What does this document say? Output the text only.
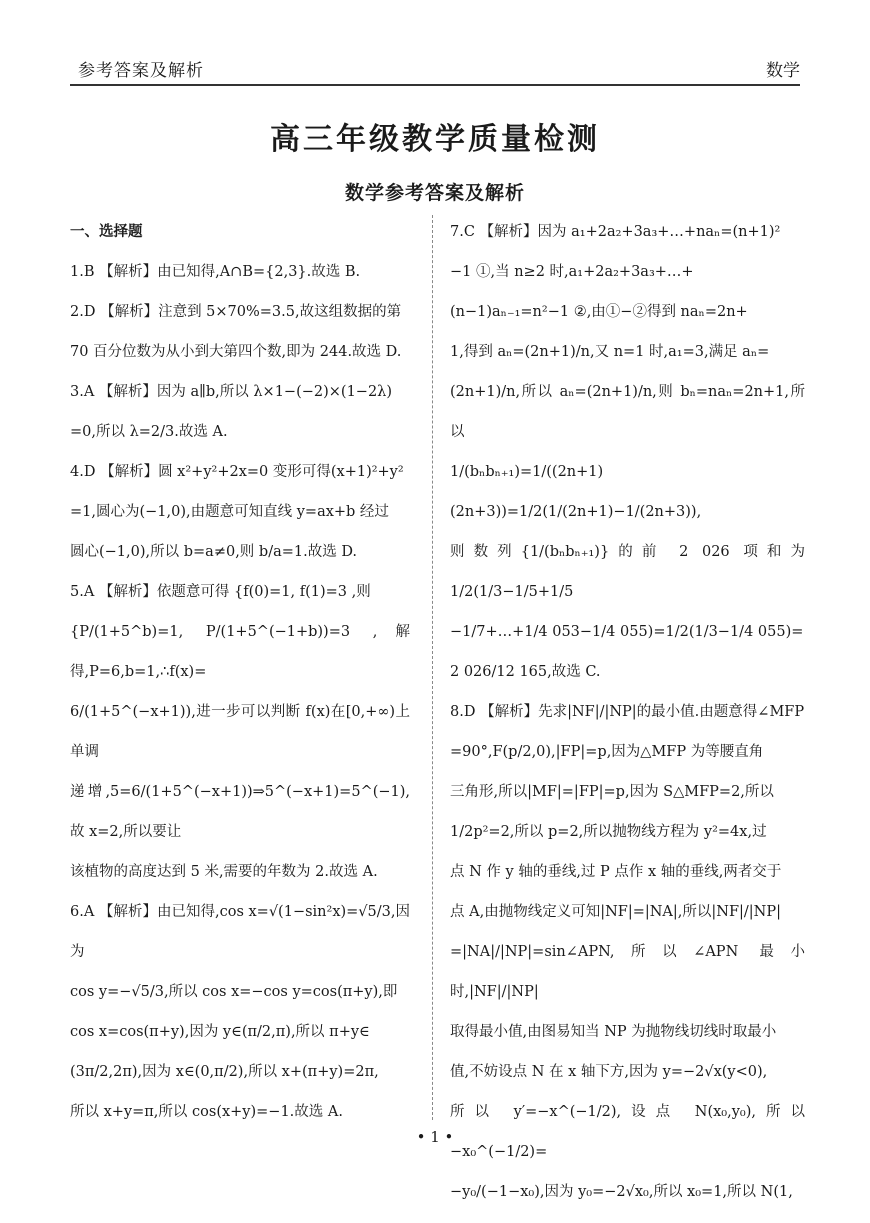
参考答案及解析	数学
高三年级教学质量检测
数学参考答案及解析

一、选择题

1.B 【解析】由已知得,A∩B={2,3}.故选 B.

2.D 【解析】注意到 5×70%=3.5,故这组数据的第

70 百分位数为从小到大第四个数,即为 244.故选 D.

3.A 【解析】因为 a∥b,所以 λ×1−(−2)×(1−2λ)

=0,所以 λ=2/3.故选 A.

4.D 【解析】圆 x²+y²+2x=0 变形可得(x+1)²+y²

=1,圆心为(−1,0),由题意可知直线 y=ax+b 经过

圆心(−1,0),所以 b=a≠0,则 b/a=1.故选 D.

5.A 【解析】依题意可得 {f(0)=1, f(1)=3 ,则

{P/(1+5^b)=1, P/(1+5^(−1+b))=3 ,解得,P=6,b=1,∴f(x)=

6/(1+5^(−x+1)),进一步可以判断 f(x)在[0,+∞)上单调

递增,5=6/(1+5^(−x+1))⇒5^(−x+1)=5^(−1),故 x=2,所以要让

该植物的高度达到 5 米,需要的年数为 2.故选 A.

6.A 【解析】由已知得,cos x=√(1−sin²x)=√5/3,因为

cos y=−√5/3,所以 cos x=−cos y=cos(π+y),即

cos x=cos(π+y),因为 y∈(π/2,π),所以 π+y∈

(3π/2,2π),因为 x∈(0,π/2),所以 x+(π+y)=2π,

所以 x+y=π,所以 cos(x+y)=−1.故选 A.

7.C 【解析】因为 a₁+2a₂+3a₃+…+naₙ=(n+1)²

−1 ①,当 n≥2 时,a₁+2a₂+3a₃+…+

(n−1)aₙ₋₁=n²−1 ②,由①−②得到 naₙ=2n+

1,得到 aₙ=(2n+1)/n,又 n=1 时,a₁=3,满足 aₙ=

(2n+1)/n,所以 aₙ=(2n+1)/n,则 bₙ=naₙ=2n+1,所以

1/(bₙbₙ₊₁)=1/((2n+1)(2n+3))=1/2(1/(2n+1)−1/(2n+3)),

则数列{1/(bₙbₙ₊₁)}的前 2 026 项和为 1/2(1/3−1/5+1/5

−1/7+…+1/4 053−1/4 055)=1/2(1/3−1/4 055)=

2 026/12 165,故选 C.

8.D 【解析】先求|NF|/|NP|的最小值.由题意得∠MFP

=90°,F(p/2,0),|FP|=p,因为△MFP 为等腰直角

三角形,所以|MF|=|FP|=p,因为 S△MFP=2,所以

1/2p²=2,所以 p=2,所以抛物线方程为 y²=4x,过

点 N 作 y 轴的垂线,过 P 点作 x 轴的垂线,两者交于

点 A,由抛物线定义可知|NF|=|NA|,所以|NF|/|NP|

=|NA|/|NP|=sin∠APN,所以∠APN 最小时,|NF|/|NP|

取得最小值,由图易知当 NP 为抛物线切线时取最小

值,不妨设点 N 在 x 轴下方,因为 y=−2√x(y<0),

所以 y′=−x^(−1/2),设点 N(x₀,y₀),所以 −x₀^(−1/2)=

−y₀/(−1−x₀),因为 y₀=−2√x₀,所以 x₀=1,所以 N(1,

• 1 •
